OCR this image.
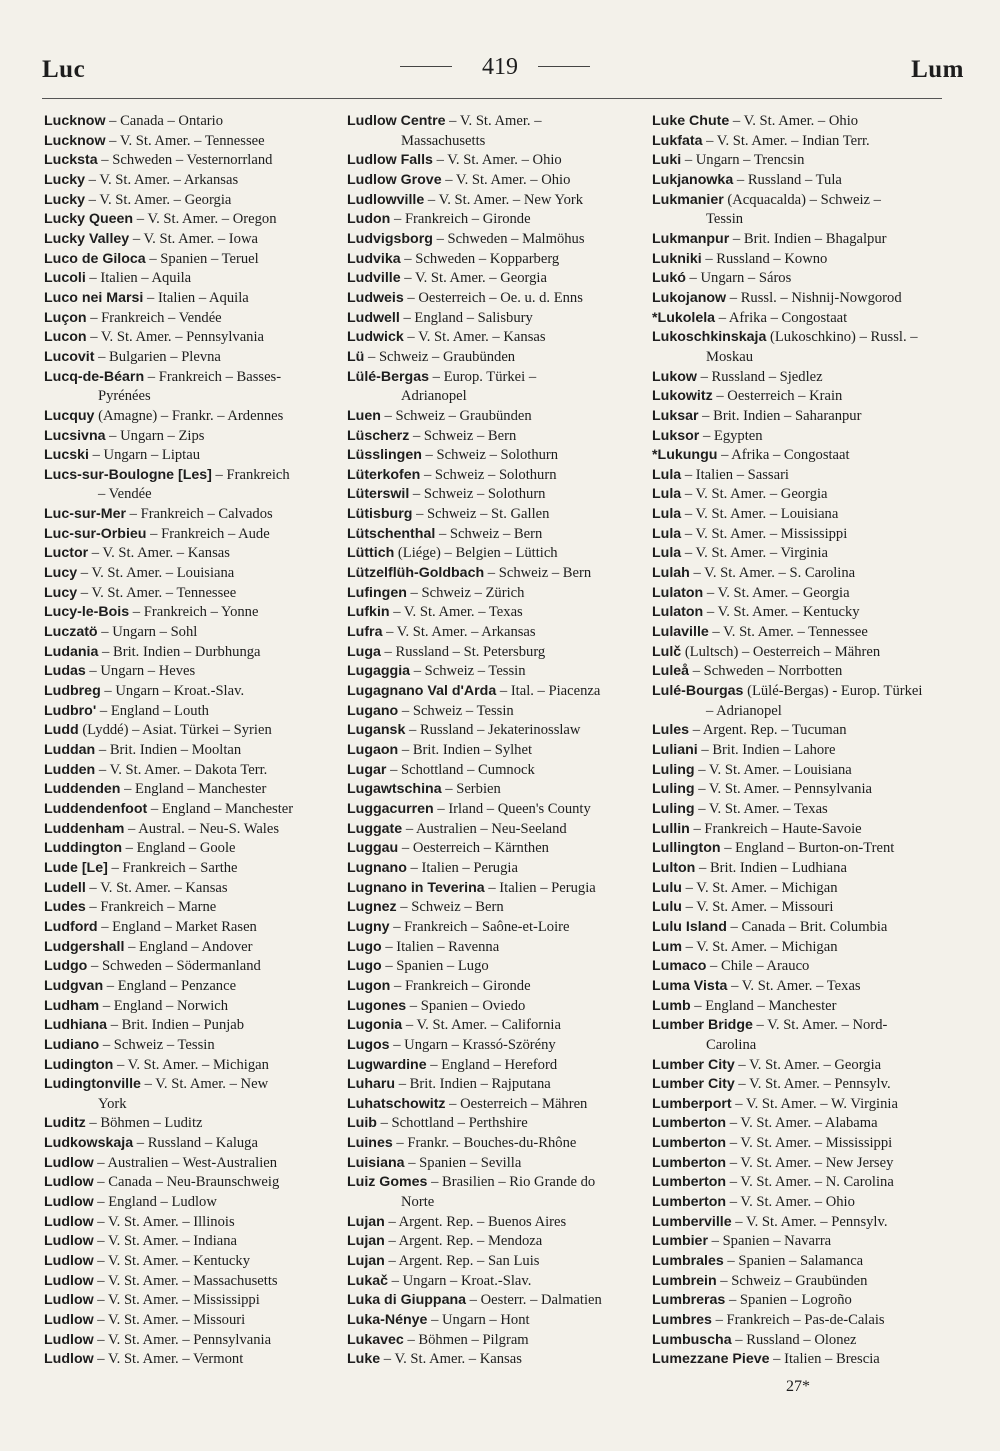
Luc	419	Lum
Lucknow – Canada – Ontario
Lucknow – V. St. Amer. – Tennessee
Lucksta – Schweden – Vesternorrland
Lucky – V. St. Amer. – Arkansas
Lucky – V. St. Amer. – Georgia
Lucky Queen – V. St. Amer. – Oregon
Lucky Valley – V. St. Amer. – Iowa
Luco de Giloca – Spanien – Teruel
Lucoli – Italien – Aquila
Luco nei Marsi – Italien – Aquila
Luçon – Frankreich – Vendée
Lucon – V. St. Amer. – Pennsylvania
Lucovit – Bulgarien – Plevna
Lucq-de-Béarn – Frankreich – Basses-
Pyrénées
Lucquy (Amagne) – Frankr. – Ardennes
Lucsivna – Ungarn – Zips
Lucski – Ungarn – Liptau
Lucs-sur-Boulogne [Les] – Frankreich
– Vendée
Luc-sur-Mer – Frankreich – Calvados
Luc-sur-Orbieu – Frankreich – Aude
Luctor – V. St. Amer. – Kansas
Lucy – V. St. Amer. – Louisiana
Lucy – V. St. Amer. – Tennessee
Lucy-le-Bois – Frankreich – Yonne
Luczatö – Ungarn – Sohl
Ludania – Brit. Indien – Durbhunga
Ludas – Ungarn – Heves
Ludbreg – Ungarn – Kroat.-Slav.
Ludbro' – England – Louth
Ludd (Lyddé) – Asiat. Türkei – Syrien
Luddan – Brit. Indien – Mooltan
Ludden – V. St. Amer. – Dakota Terr.
Luddenden – England – Manchester
Luddendenfoot – England – Manchester
Luddenham – Austral. – Neu-S. Wales
Luddington – England – Goole
Lude [Le] – Frankreich – Sarthe
Ludell – V. St. Amer. – Kansas
Ludes – Frankreich – Marne
Ludford – England – Market Rasen
Ludgershall – England – Andover
Ludgo – Schweden – Södermanland
Ludgvan – England – Penzance
Ludham – England – Norwich
Ludhiana – Brit. Indien – Punjab
Ludiano – Schweiz – Tessin
Ludington – V. St. Amer. – Michigan
Ludingtonville – V. St. Amer. – New
York
Luditz – Böhmen – Luditz
Ludkowskaja – Russland – Kaluga
Ludlow – Australien – West-Australien
Ludlow – Canada – Neu-Braunschweig
Ludlow – England – Ludlow
Ludlow – V. St. Amer. – Illinois
Ludlow – V. St. Amer. – Indiana
Ludlow – V. St. Amer. – Kentucky
Ludlow – V. St. Amer. – Massachusetts
Ludlow – V. St. Amer. – Mississippi
Ludlow – V. St. Amer. – Missouri
Ludlow – V. St. Amer. – Pennsylvania
Ludlow – V. St. Amer. – Vermont
Ludlow Centre – V. St. Amer. –
Massachusetts
Ludlow Falls – V. St. Amer. – Ohio
Ludlow Grove – V. St. Amer. – Ohio
Ludlowville – V. St. Amer. – New York
Ludon – Frankreich – Gironde
Ludvigsborg – Schweden – Malmöhus
Ludvika – Schweden – Kopparberg
Ludville – V. St. Amer. – Georgia
Ludweis – Oesterreich – Oe. u. d. Enns
Ludwell – England – Salisbury
Ludwick – V. St. Amer. – Kansas
Lü – Schweiz – Graubünden
Lülé-Bergas – Europ. Türkei –
Adrianopel
Luen – Schweiz – Graubünden
Lüscherz – Schweiz – Bern
Lüsslingen – Schweiz – Solothurn
Lüterkofen – Schweiz – Solothurn
Lüterswil – Schweiz – Solothurn
Lütisburg – Schweiz – St. Gallen
Lütschenthal – Schweiz – Bern
Lüttich (Liége) – Belgien – Lüttich
Lützelflüh-Goldbach – Schweiz – Bern
Lufingen – Schweiz – Zürich
Lufkin – V. St. Amer. – Texas
Lufra – V. St. Amer. – Arkansas
Luga – Russland – St. Petersburg
Lugaggia – Schweiz – Tessin
Lugagnano Val d'Arda – Ital. – Piacenza
Lugano – Schweiz – Tessin
Lugansk – Russland – Jekaterinosslaw
Lugaon – Brit. Indien – Sylhet
Lugar – Schottland – Cumnock
Lugawtschina – Serbien
Luggacurren – Irland – Queen's County
Luggate – Australien – Neu-Seeland
Luggau – Oesterreich – Kärnthen
Lugnano – Italien – Perugia
Lugnano in Teverina – Italien – Perugia
Lugnez – Schweiz – Bern
Lugny – Frankreich – Saône-et-Loire
Lugo – Italien – Ravenna
Lugo – Spanien – Lugo
Lugon – Frankreich – Gironde
Lugones – Spanien – Oviedo
Lugonia – V. St. Amer. – California
Lugos – Ungarn – Krassó-Szörény
Lugwardine – England – Hereford
Luharu – Brit. Indien – Rajputana
Luhatschowitz – Oesterreich – Mähren
Luib – Schottland – Perthshire
Luines – Frankr. – Bouches-du-Rhône
Luisiana – Spanien – Sevilla
Luiz Gomes – Brasilien – Rio Grande do
Norte
Lujan – Argent. Rep. – Buenos Aires
Lujan – Argent. Rep. – Mendoza
Lujan – Argent. Rep. – San Luis
Lukač – Ungarn – Kroat.-Slav.
Luka di Giuppana – Oesterr. – Dalmatien
Luka-Nénye – Ungarn – Hont
Lukavec – Böhmen – Pilgram
Luke – V. St. Amer. – Kansas
Luke Chute – V. St. Amer. – Ohio
Lukfata – V. St. Amer. – Indian Terr.
Luki – Ungarn – Trencsin
Lukjanowka – Russland – Tula
Lukmanier (Acquacalda) – Schweiz –
Tessin
Lukmanpur – Brit. Indien – Bhagalpur
Lukniki – Russland – Kowno
Lukó – Ungarn – Sáros
Lukojanow – Russl. – Nishnij-Nowgorod
*Lukolela – Afrika – Congostaat
Lukoschkinskaja (Lukoschkino) – Russl. –
Moskau
Lukow – Russland – Sjedlez
Lukowitz – Oesterreich – Krain
Luksar – Brit. Indien – Saharanpur
Luksor – Egypten
*Lukungu – Afrika – Congostaat
Lula – Italien – Sassari
Lula – V. St. Amer. – Georgia
Lula – V. St. Amer. – Louisiana
Lula – V. St. Amer. – Mississippi
Lula – V. St. Amer. – Virginia
Lulah – V. St. Amer. – S. Carolina
Lulaton – V. St. Amer. – Georgia
Lulaton – V. St. Amer. – Kentucky
Lulaville – V. St. Amer. – Tennessee
Lulč (Lultsch) – Oesterreich – Mähren
Luleå – Schweden – Norrbotten
Lulé-Bourgas (Lülé-Bergas) - Europ. Türkei
– Adrianopel
Lules – Argent. Rep. – Tucuman
Luliani – Brit. Indien – Lahore
Luling – V. St. Amer. – Louisiana
Luling – V. St. Amer. – Pennsylvania
Luling – V. St. Amer. – Texas
Lullin – Frankreich – Haute-Savoie
Lullington – England – Burton-on-Trent
Lulton – Brit. Indien – Ludhiana
Lulu – V. St. Amer. – Michigan
Lulu – V. St. Amer. – Missouri
Lulu Island – Canada – Brit. Columbia
Lum – V. St. Amer. – Michigan
Lumaco – Chile – Arauco
Luma Vista – V. St. Amer. – Texas
Lumb – England – Manchester
Lumber Bridge – V. St. Amer. – Nord-
Carolina
Lumber City – V. St. Amer. – Georgia
Lumber City – V. St. Amer. – Pennsylv.
Lumberport – V. St. Amer. – W. Virginia
Lumberton – V. St. Amer. – Alabama
Lumberton – V. St. Amer. – Mississippi
Lumberton – V. St. Amer. – New Jersey
Lumberton – V. St. Amer. – N. Carolina
Lumberton – V. St. Amer. – Ohio
Lumberville – V. St. Amer. – Pennsylv.
Lumbier – Spanien – Navarra
Lumbrales – Spanien – Salamanca
Lumbrein – Schweiz – Graubünden
Lumbreras – Spanien – Logroño
Lumbres – Frankreich – Pas-de-Calais
Lumbuscha – Russland – Olonez
Lumezzane Pieve – Italien – Brescia
27*
